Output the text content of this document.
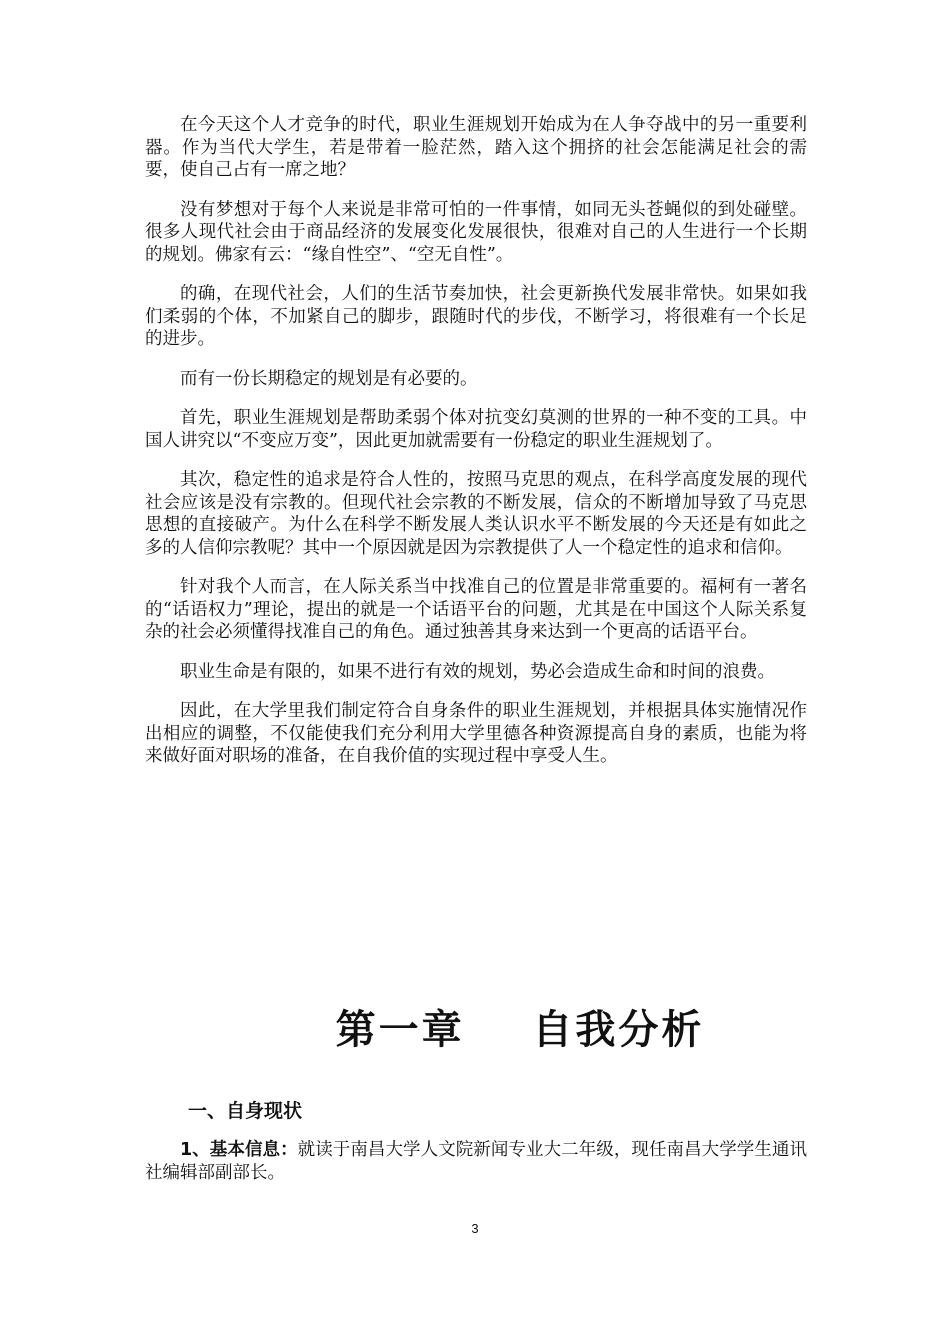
在今天这个人才竞争的时代，职业生涯规划开始成为在人争夺战中的另一重要利器。作为当代大学生，若是带着一脸茫然，踏入这个拥挤的社会怎能满足社会的需要，使自己占有一席之地？

没有梦想对于每个人来说是非常可怕的一件事情，如同无头苍蝇似的到处碰壁。很多人现代社会由于商品经济的发展变化发展很快，很难对自己的人生进行一个长期的规划。佛家有云：“缘自性空”、“空无自性”。

的确，在现代社会，人们的生活节奏加快，社会更新换代发展非常快。如果如我们柔弱的个体，不加紧自己的脚步，跟随时代的步伐，不断学习，将很难有一个长足的进步。

而有一份长期稳定的规划是有必要的。

首先，职业生涯规划是帮助柔弱个体对抗变幻莫测的世界的一种不变的工具。中国人讲究以“不变应万变”，因此更加就需要有一份稳定的职业生涯规划了。

其次，稳定性的追求是符合人性的，按照马克思的观点，在科学高度发展的现代社会应该是没有宗教的。但现代社会宗教的不断发展，信众的不断增加导致了马克思思想的直接破产。为什么在科学不断发展人类认识水平不断发展的今天还是有如此之多的人信仰宗教呢？其中一个原因就是因为宗教提供了人一个稳定性的追求和信仰。

针对我个人而言，在人际关系当中找准自己的位置是非常重要的。福柯有一著名的“话语权力”理论，提出的就是一个话语平台的问题，尤其是在中国这个人际关系复杂的社会必须懂得找准自己的角色。通过独善其身来达到一个更高的话语平台。

职业生命是有限的，如果不进行有效的规划，势必会造成生命和时间的浪费。

因此，在大学里我们制定符合自身条件的职业生涯规划，并根据具体实施情况作出相应的调整，不仅能使我们充分利用大学里德各种资源提高自身的素质，也能为将来做好面对职场的准备，在自我价值的实现过程中享受人生。

第一章    自我分析
一、自身现状

1、基本信息：就读于南昌大学人文院新闻专业大二年级，现任南昌大学学生通讯社编辑部副部长。

3
